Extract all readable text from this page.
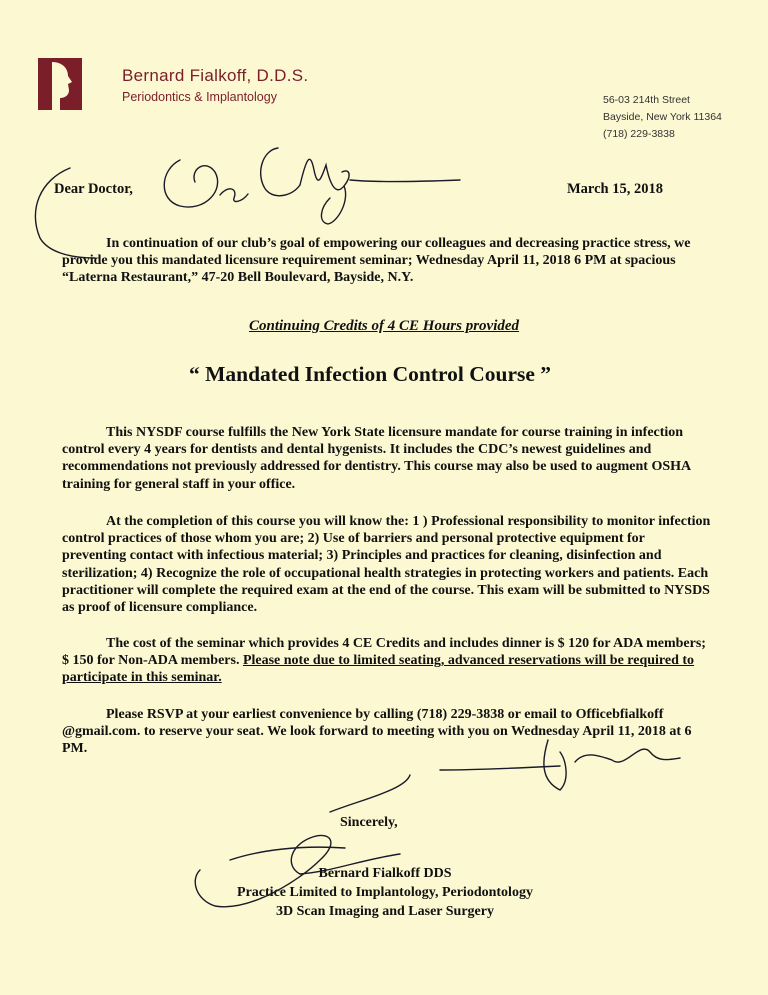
Bernard Fialkoff, D.D.S.
Periodontics & Implantology	56-03 214th Street
Bayside, New York 11364
(718) 229-3838
Dear Doctor,	March 15, 2018
In continuation of our club’s goal of empowering our colleagues and decreasing practice stress, we provide you this mandated licensure requirement seminar; Wednesday April 11, 2018 6 PM at spacious “Laterna Restaurant,” 47-20 Bell Boulevard, Bayside, N.Y.
Continuing Credits of 4 CE Hours provided
“ Mandated Infection Control Course ”
This NYSDF course fulfills the New York State licensure mandate for course training in infection control every 4 years for dentists and dental hygenists. It includes the CDC’s newest guidelines and recommendations not previously addressed for dentistry. This course may also be used to augment OSHA training for general staff in your office.
At the completion of this course you will know the: 1 ) Professional responsibility to monitor infection control practices of those whom you are; 2) Use of barriers and personal protective equipment for preventing contact with infectious material; 3) Principles and practices for cleaning, disinfection and sterilization; 4) Recognize the role of occupational health strategies in protecting workers and patients. Each practitioner will complete the required exam at the end of the course. This exam will be submitted to NYSDS as proof of licensure compliance.
The cost of the seminar which provides 4 CE Credits and includes dinner is $ 120 for ADA members; $ 150 for Non-ADA members. Please note due to limited seating, advanced reservations will be required to participate in this seminar.
Please RSVP at your earliest convenience by calling (718) 229-3838 or email to Officebfialkoff @gmail.com. to reserve your seat. We look forward to meeting with you on Wednesday April 11, 2018 at 6 PM.
Sincerely,
Bernard Fialkoff DDS
Practice Limited to Implantology, Periodontology
3D Scan Imaging and Laser Surgery
